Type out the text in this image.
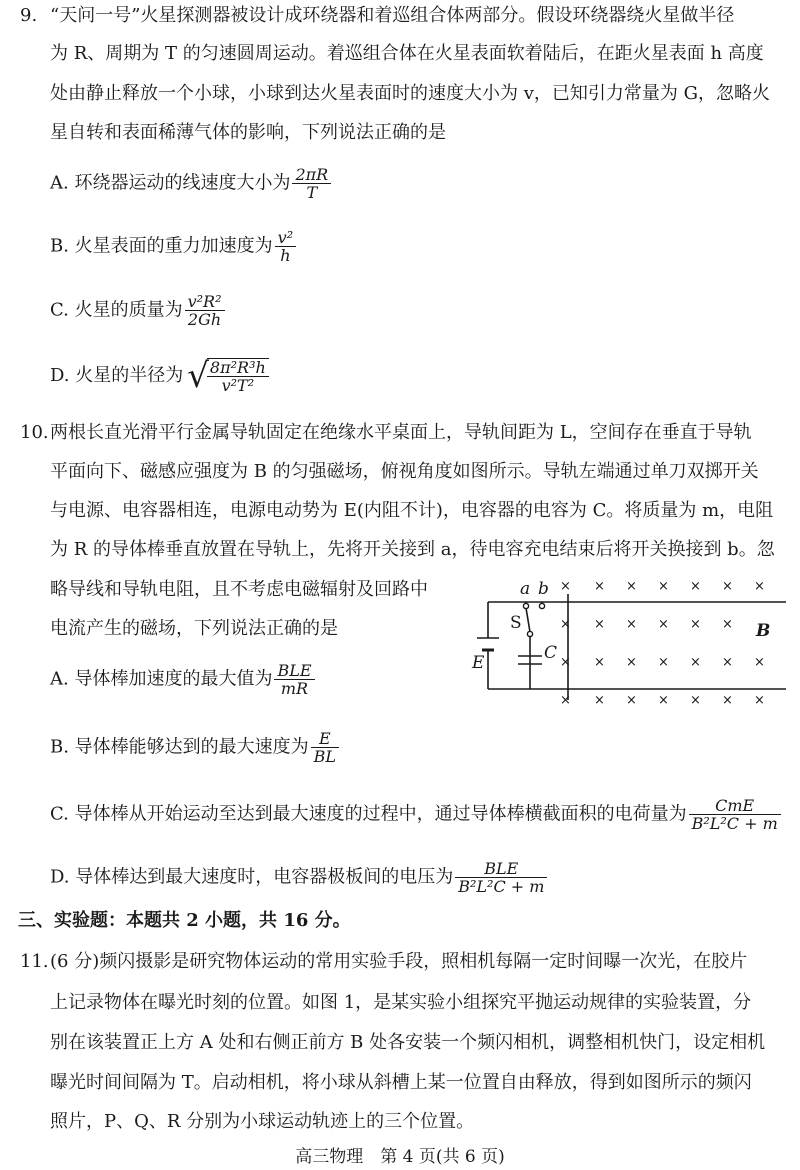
9. “天问一号”火星探测器被设计成环绕器和着巡组合体两部分。假设环绕器绕火星做半径
为 R、周期为 T 的匀速圆周运动。着巡组合体在火星表面软着陆后，在距火星表面 h 高度
处由静止释放一个小球，小球到达火星表面时的速度大小为 v，已知引力常量为 G，忽略火
星自转和表面稀薄气体的影响，下列说法正确的是
A. 环绕器运动的线速度大小为 $\frac{2\pi R}{T}$
B. 火星表面的重力加速度为 $\frac{\text{v²}}{h}$
C. 火星的质量为 $\frac{\text{v²R²}}{2Gh}$
D. 火星的半径为 √
$\frac{\text{8π²R³h}}{\text{v²T²}}$
10. 两根长直光滑平行金属导轨固定在绝缘水平桌面上，导轨间距为 L，空间存在垂直于导轨
平面向下、磁感应强度为 B 的匀强磁场，俯视角度如图所示。导轨左端通过单刀双掷开关
与电源、电容器相连，电源电动势为 E(内阻不计)，电容器的电容为 C。将质量为 m，电阻
为 R 的导体棒垂直放置在导轨上，先将开关接到 a，待电容充电结束后将开关换接到 b。忽
略导线和导轨电阻，且不考虑电磁辐射及回路中
电流产生的磁场，下列说法正确的是
A. 导体棒加速度的最大值为 $\frac{\text{BLE}}{mR}$
B. 导体棒能够达到的最大速度为 $\frac{E}{BL}$
C. 导体棒从开始运动至达到最大速度的过程中，通过导体棒横截面积的电荷量为 $\frac{\text{CmE}}{\text{B²L²C + m}}$
D. 导体棒达到最大速度时，电容器极板间的电压为 $\frac{\text{BLE}}{\text{B²L²C + m}}$
a b
S
E	C
B
× × × × × ×
×
× × × × ×
×
× × × × × ×
×
× × × × × ×
×
三、实验题：本题共 2 小题，共 16 分。
11. (6 分)频闪摄影是研究物体运动的常用实验手段，照相机每隔一定时间曝一次光，在胶片
上记录物体在曝光时刻的位置。如图 1，是某实验小组探究平抛运动规律的实验装置，分
别在该装置正上方 A 处和右侧正前方 B 处各安装一个频闪相机，调整相机快门，设定相机
曝光时间间隔为 T。启动相机，将小球从斜槽上某一位置自由释放，得到如图所示的频闪
照片，P、Q、R 分别为小球运动轨迹上的三个位置。
高三物理　第 4 页(共 6 页)
